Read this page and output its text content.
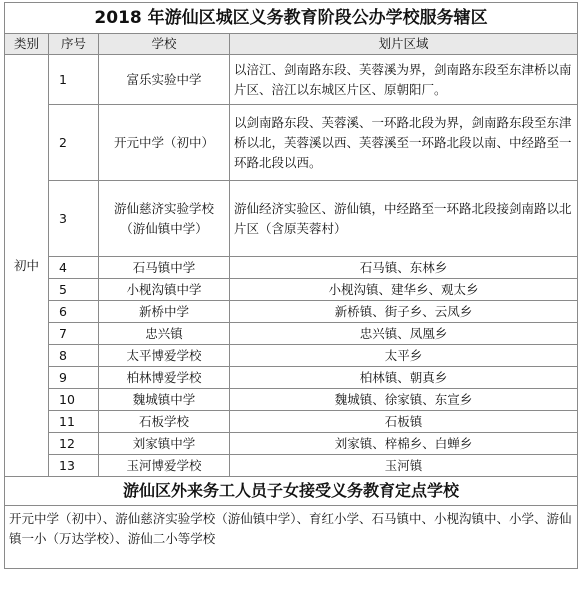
2018 年游仙区城区义务教育阶段公办学校服务辖区			
类别	序号	学校	划片区域
初中	1	富乐实验中学	以涪江、剑南路东段、芙蓉溪为界，剑南路东段至东津桥以南片区、涪江以东城区片区、原朝阳厂。
	2	开元中学（初中）	以剑南路东段、芙蓉溪、一环路北段为界，剑南路东段至东津桥以北，芙蓉溪以西、芙蓉溪至一环路北段以南、中经路至一环路北段以西。
	3	游仙慈济实验学校（游仙镇中学）	游仙经济实验区、游仙镇，中经路至一环路北段接剑南路以北片区（含原芙蓉村）
	4	石马镇中学	石马镇、东林乡
	5	小枧沟镇中学	小枧沟镇、建华乡、观太乡
	6	新桥中学	新桥镇、街子乡、云凤乡
	7	忠兴镇	忠兴镇、凤凰乡
	8	太平博爱学校	太平乡
	9	柏林博爱学校	柏林镇、朝真乡
	10	魏城镇中学	魏城镇、徐家镇、东宣乡
	11	石板学校	石板镇
	12	刘家镇中学	刘家镇、梓棉乡、白蝉乡
	13	玉河博爱学校	玉河镇
游仙区外来务工人员子女接受义务教育定点学校			
开元中学（初中）、游仙慈济实验学校（游仙镇中学）、育红小学、石马镇中、小枧沟镇中、小学、游仙镇一小（万达学校）、游仙二小等学校			
